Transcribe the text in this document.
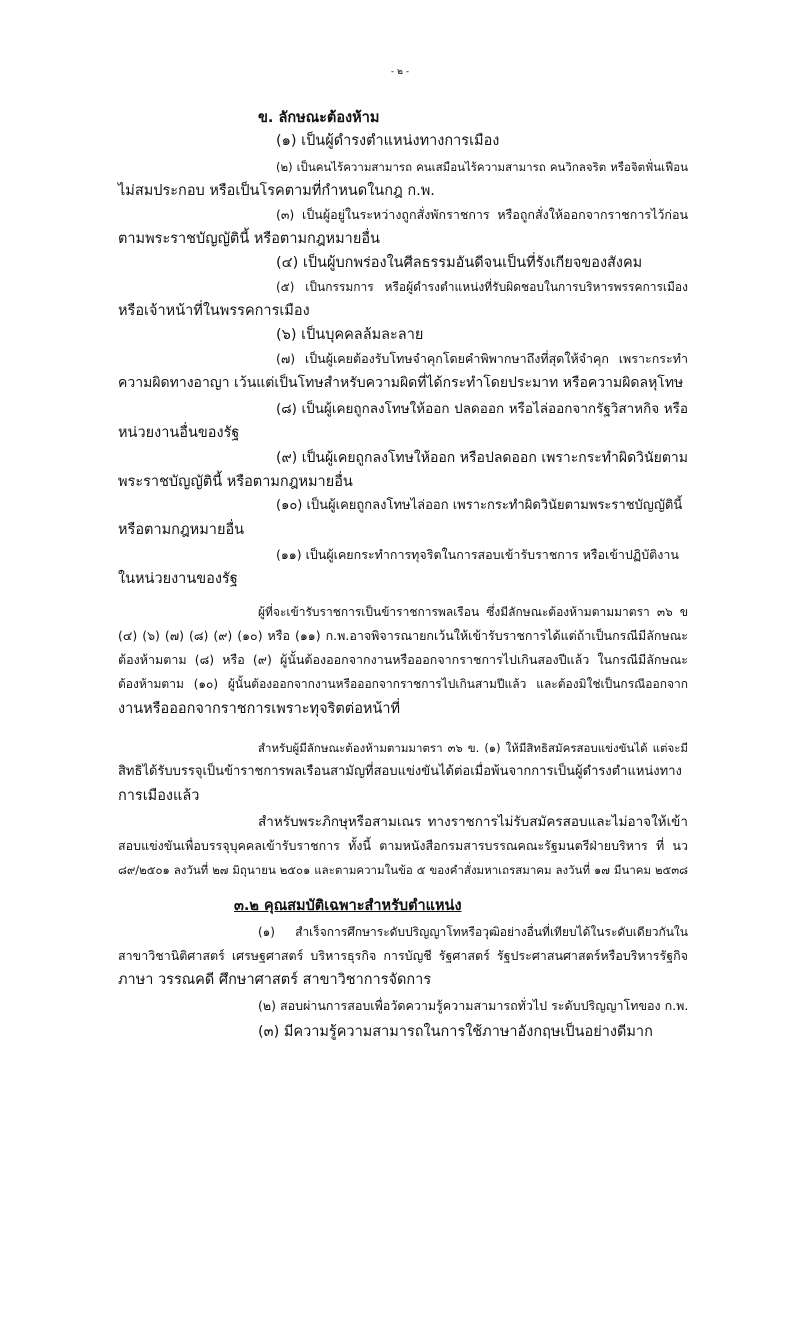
- ๒ -
ข. ลักษณะต้องห้าม
(๑) เป็นผู้ดำรงตำแหน่งทางการเมือง
(๒) เป็นคนไร้ความสามารถ คนเสมือนไร้ความสามารถ คนวิกลจริต หรือจิตฟั่นเฟือน
ไม่สมประกอบ หรือเป็นโรคตามที่กำหนดในกฎ ก.พ.
(๓) เป็นผู้อยู่ในระหว่างถูกสั่งพักราชการ หรือถูกสั่งให้ออกจากราชการไว้ก่อน
ตามพระราชบัญญัตินี้ หรือตามกฎหมายอื่น
(๔) เป็นผู้บกพร่องในศีลธรรมอันดีจนเป็นที่รังเกียจของสังคม
(๕) เป็นกรรมการ หรือผู้ดำรงตำแหน่งที่รับผิดชอบในการบริหารพรรคการเมือง
หรือเจ้าหน้าที่ในพรรคการเมือง
(๖) เป็นบุคคลล้มละลาย
(๗) เป็นผู้เคยต้องรับโทษจำคุกโดยคำพิพากษาถึงที่สุดให้จำคุก เพราะกระทำ
ความผิดทางอาญา เว้นแต่เป็นโทษสำหรับความผิดที่ได้กระทำโดยประมาท หรือความผิดลหุโทษ
(๘) เป็นผู้เคยถูกลงโทษให้ออก ปลดออก หรือไล่ออกจากรัฐวิสาหกิจ หรือ
หน่วยงานอื่นของรัฐ
(๙) เป็นผู้เคยถูกลงโทษให้ออก หรือปลดออก เพราะกระทำผิดวินัยตาม
พระราชบัญญัตินี้ หรือตามกฎหมายอื่น
(๑๐) เป็นผู้เคยถูกลงโทษไล่ออก เพราะกระทำผิดวินัยตามพระราชบัญญัตินี้
หรือตามกฎหมายอื่น
(๑๑) เป็นผู้เคยกระทำการทุจริตในการสอบเข้ารับราชการ หรือเข้าปฏิบัติงาน
ในหน่วยงานของรัฐ
ผู้ที่จะเข้ารับราชการเป็นข้าราชการพลเรือน ซึ่งมีลักษณะต้องห้ามตามมาตรา ๓๖ ข
(๔) (๖) (๗) (๘) (๙) (๑๐) หรือ (๑๑) ก.พ.อาจพิจารณายกเว้นให้เข้ารับราชการได้แต่ถ้าเป็นกรณีมีลักษณะ
ต้องห้ามตาม (๘) หรือ (๙) ผู้นั้นต้องออกจากงานหรือออกจากราชการไปเกินสองปีแล้ว ในกรณีมีลักษณะ
ต้องห้ามตาม (๑๐) ผู้นั้นต้องออกจากงานหรือออกจากราชการไปเกินสามปีแล้ว และต้องมิใช่เป็นกรณีออกจาก
งานหรือออกจากราชการเพราะทุจริตต่อหน้าที่
สำหรับผู้มีลักษณะต้องห้ามตามมาตรา ๓๖ ข. (๑) ให้มีสิทธิสมัครสอบแข่งขันได้ แต่จะมี
สิทธิได้รับบรรจุเป็นข้าราชการพลเรือนสามัญที่สอบแข่งขันได้ต่อเมื่อพ้นจากการเป็นผู้ดำรงตำแหน่งทาง
การเมืองแล้ว
สำหรับพระภิกษุหรือสามเณร ทางราชการไม่รับสมัครสอบและไม่อาจให้เข้า
สอบแข่งขันเพื่อบรรจุบุคคลเข้ารับราชการ ทั้งนี้ ตามหนังสือกรมสารบรรณคณะรัฐมนตรีฝ่ายบริหาร ที่ นว
๘๙/๒๕๐๑ ลงวันที่ ๒๗ มิถุนายน ๒๕๐๑ และตามความในข้อ ๕ ของคำสั่งมหาเถรสมาคม ลงวันที่ ๑๗ มีนาคม ๒๕๓๘
๓.๒ คุณสมบัติเฉพาะสำหรับตำแหน่ง
(๑) สำเร็จการศึกษาระดับปริญญาโทหรือวุฒิอย่างอื่นที่เทียบได้ในระดับเดียวกันใน
สาขาวิชานิติศาสตร์ เศรษฐศาสตร์ บริหารธุรกิจ การบัญชี รัฐศาสตร์ รัฐประศาสนศาสตร์หรือบริหารรัฐกิจ
ภาษา วรรณคดี ศึกษาศาสตร์ สาขาวิชาการจัดการ
(๒) สอบผ่านการสอบเพื่อวัดความรู้ความสามารถทั่วไป ระดับปริญญาโทของ ก.พ.
(๓) มีความรู้ความสามารถในการใช้ภาษาอังกฤษเป็นอย่างดีมาก
